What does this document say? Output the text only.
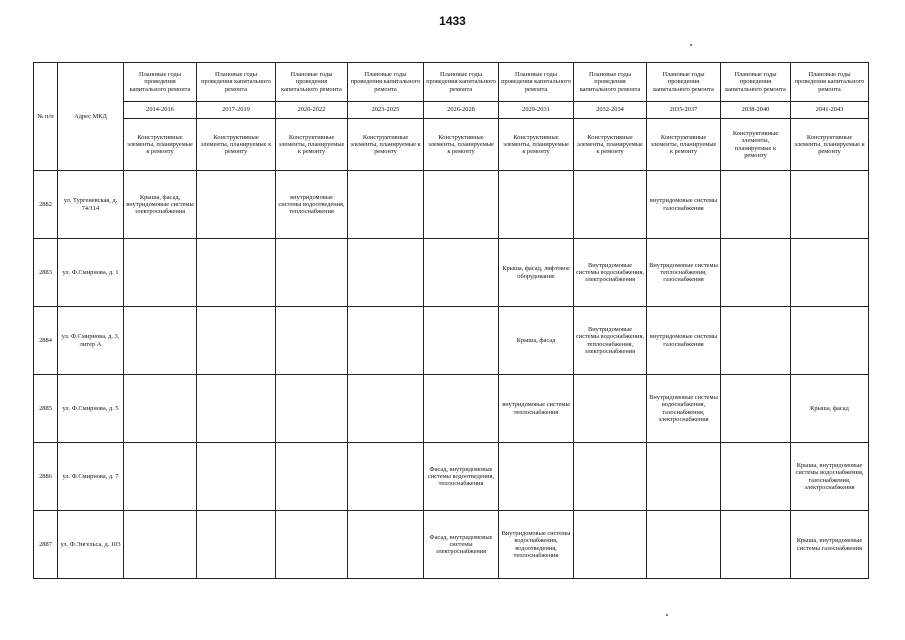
1433
№ п/п	Адрес МКД	Плановые годы проведения капитального ремонта	Плановые годы проведения капитального ремонта	Плановые годы проведения капитального ремонта	Плановые годы проведения капитального ремонта	Плановые годы проведения капитального ремонта	Плановые годы проведения капитального ремонта	Плановые годы проведения капитального ремонта	Плановые годы проведения капитального ремонта	Плановые годы проведения капитального ремонта	Плановые годы проведения капитального ремонта
		2014-2016	2017-2019	2020-2022	2023-2025	2026-2028	2029-2031	2032-2034	2035-2037	2038-2040	2041-2043
		Конструктивные элементы, планируемые к ремонту	Конструктивные элементы, планируемые к ремонту	Конструктивные элементы, планируемые к ремонту	Конструктивные элементы, планируемые к ремонту	Конструктивные элементы, планируемые к ремонту	Конструктивные элементы, планируемые к ремонту	Конструктивные элементы, планируемые к ремонту	Конструктивные элементы, планируемые к ремонту	Конструктивные элементы, планируемые к ремонту	Конструктивные элементы, планируемые к ремонту
2882	ул. Тургеневская, д. 74/114	Крыша, фасад, внутридомовые системы электроснабжения		внутридомовые системы водоотведения, теплоснабжения					внутридомовые системы газоснабжения		
2883	ул. Ф.Смирнова, д. 1						Крыша, фасад, лифтовое оборудование	Внутридомовые системы водоснабжения, электроснабжения	Внутридомовые системы теплоснабжения, газоснабжения		
2884	ул. Ф.Смирнова, д. 3, литер А						Крыша, фасад	Внутридомовые системы водоснабжения, теплоснабжения, электроснабжения	внутридомовые системы газоснабжения		
2885	ул. Ф.Смирнова, д. 5						внутридомовые системы теплоснабжения		Внутридомовые системы водоснабжения, газоснабжения, электроснабжения		Крыша, фасад
2886	ул. Ф.Смирнова, д. 7					Фасад, внутридомовые системы водоотведения, теплоснабжения					Крыша, внутридомовые системы водоснабжения, газоснабжения, электроснабжения
2887	ул. Ф.Энгельса, д. 103					Фасад, внутридомовые системы электроснабжения	Внутридомовые системы водоснабжения, водоотведения, теплоснабжения				Крыша, внутридомовые системы газоснабжения
